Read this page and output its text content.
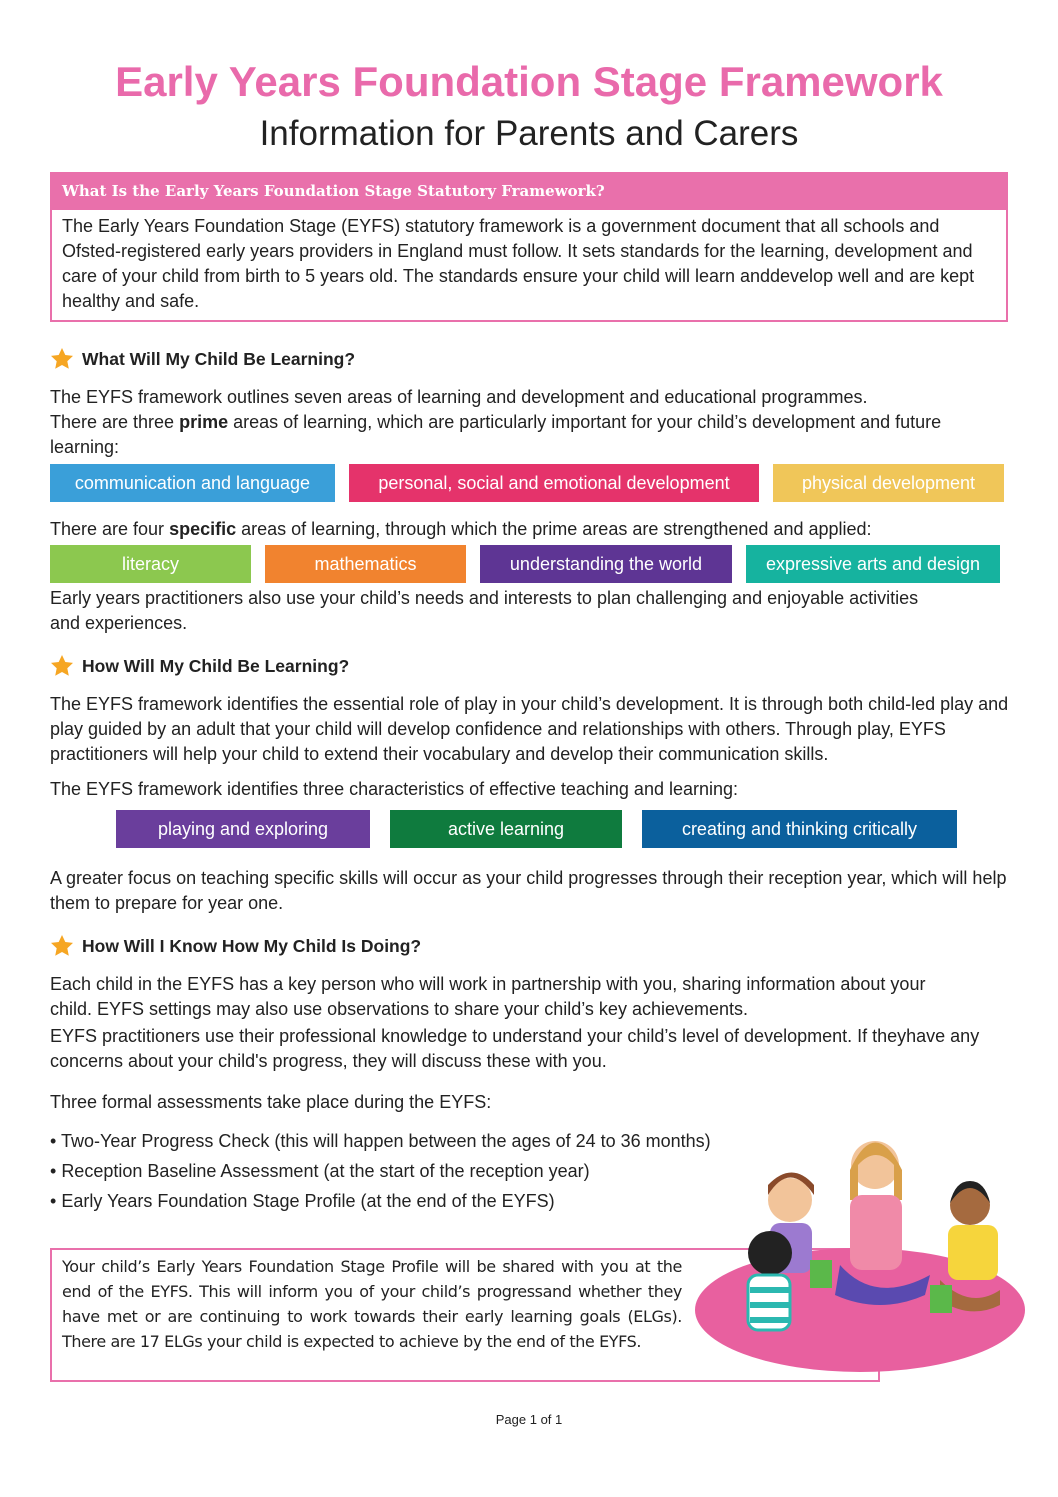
Early Years Foundation Stage Framework
Information for Parents and Carers
What Is the Early Years Foundation Stage Statutory Framework?
The Early Years Foundation Stage (EYFS) statutory framework is a government document that all schools and Ofsted-registered early years providers in England must follow. It sets standards for the learning, development and care of your child from birth to 5 years old. The standards ensure your child will learn anddevelop well and are kept healthy and safe.
What Will My Child Be Learning?
The EYFS framework outlines seven areas of learning and development and educational programmes.
There are three prime areas of learning, which are particularly important for your child’s development and future learning:
communication and language	personal, social and emotional development	physical development
There are four specific areas of learning, through which the prime areas are strengthened and applied:
literacy	mathematics	understanding the world	expressive arts and design
Early years practitioners also use your child’s needs and interests to plan challenging and enjoyable activities and experiences.
How Will My Child Be Learning?
The EYFS framework identifies the essential role of play in your child’s development. It is through both child-led play and play guided by an adult that your child will develop confidence and relationships with others. Through play, EYFS practitioners will help your child to extend their vocabulary and develop their communication skills.
The EYFS framework identifies three characteristics of effective teaching and learning:
playing and exploring	active learning	creating and thinking critically
A greater focus on teaching specific skills will occur as your child progresses through their reception year, which will help them to prepare for year one.
How Will I Know How My Child Is Doing?
Each child in the EYFS has a key person who will work in partnership with you, sharing information about your child. EYFS settings may also use observations to share your child’s key achievements.
EYFS practitioners use their professional knowledge to understand your child’s level of development. If theyhave any concerns about your child's progress, they will discuss these with you.
Three formal assessments take place during the EYFS:
• Two-Year Progress Check (this will happen between the ages of 24 to 36 months)
• Reception Baseline Assessment (at the start of the reception year)
• Early Years Foundation Stage Profile (at the end of the EYFS)
Your child’s Early Years Foundation Stage Profile will be shared with you at the end of the EYFS. This will inform you of your child’s progressand whether they have met or are continuing to work towards their early learning goals (ELGs). There are 17 ELGs your child is expected to achieve by the end of the EYFS.
Page 1 of 1
